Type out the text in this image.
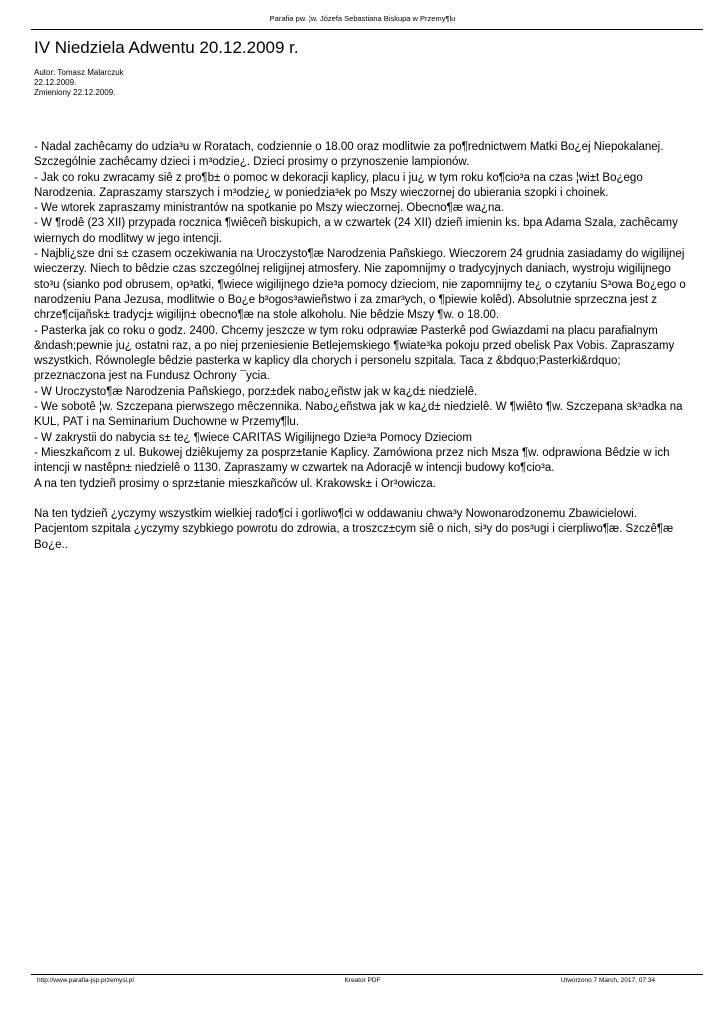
Parafia pw. ¦w. Józefa Sebastiana Biskupa w Przemy¶lu
IV Niedziela Adwentu 20.12.2009 r.
Autor: Tomasz Malarczuk
22.12.2009.
Zmieniony 22.12.2009.

- Nadal zachêcamy do udzia³u w Roratach, codziennie o 18.00 oraz modlitwie za po¶rednictwem Matki Bo¿ej Niepokalanej. Szczególnie zachêcamy dzieci i m³odzie¿. Dzieci prosimy o przynoszenie lampionów.

- Jak co roku zwracamy siê z pro¶b± o pomoc w dekoracji kaplicy, placu i ju¿ w tym roku ko¶cio³a na czas ¦wi±t Bo¿ego Narodzenia. Zapraszamy starszych i m³odzie¿ w poniedzia³ek po Mszy wieczornej do ubierania szopki i choinek.

- We wtorek zapraszamy ministrantów na spotkanie po Mszy wieczornej. Obecno¶æ wa¿na.

- W ¶rodê (23 XII) przypada rocznica ¶wiêceñ biskupich, a w czwartek (24 XII) dzieñ imienin ks. bpa Adama Szala, zachêcamy wiernych do modlitwy w jego intencji.

- Najbli¿sze dni s± czasem oczekiwania na Uroczysto¶æ Narodzenia Pañskiego. Wieczorem 24 grudnia zasiadamy do wigilijnej wieczerzy. Niech to bêdzie czas szczególnej religijnej atmosfery. Nie zapomnijmy o tradycyjnych daniach, wystroju wigilijnego sto³u (sianko pod obrusem, op³atki, ¶wiece wigilijnego dzie³a pomocy dzieciom, nie zapomnijmy te¿ o czytaniu S³owa Bo¿ego o narodzeniu Pana Jezusa, modlitwie o Bo¿e b³ogos³awieñstwo i za zmar³ych, o ¶piewie kolêd). Absolutnie sprzeczna jest z chrze¶cijañsk± tradycj± wigilijn± obecno¶æ na stole alkoholu. Nie bêdzie Mszy ¶w. o 18.00.

- Pasterka jak co roku o godz. 2400. Chcemy jeszcze w tym roku odprawiæ Pasterkê pod Gwiazdami na placu parafialnym &ndash;pewnie ju¿ ostatni raz, a po niej przeniesienie Betlejemskiego ¶wiate³ka pokoju przed obelisk Pax Vobis. Zapraszamy wszystkich. Równolegle bêdzie pasterka w kaplicy dla chorych i personelu szpitala. Taca z &bdquo;Pasterki&rdquo; przeznaczona jest na Fundusz Ochrony ¯ycia.

- W Uroczysto¶æ Narodzenia Pañskiego, porz±dek nabo¿eñstw jak w ka¿d± niedzielê.

- We sobotê ¦w. Szczepana pierwszego mêczennika. Nabo¿eñstwa jak w ka¿d± niedzielê. W ¶wiêto ¶w. Szczepana sk³adka na KUL, PAT i na Seminarium Duchowne w Przemy¶lu.

- W zakrystii do nabycia s± te¿ ¶wiece CARITAS Wigilijnego Dzie³a Pomocy Dzieciom

- Mieszkañcom z ul. Bukowej dziêkujemy za posprz±tanie Kaplicy. Zamówiona przez nich Msza ¶w. odprawiona Bêdzie w ich intencji w nastêpn± niedzielê o 1130. Zapraszamy w czwartek na Adoracjê w intencji budowy ko¶cio³a.

A na ten tydzieñ prosimy o sprz±tanie mieszkañców ul. Krakowsk± i Or³owicza.

Na ten tydzieñ ¿yczymy wszystkim wielkiej rado¶ci i gorliwo¶ci w oddawaniu chwa³y Nowonarodzonemu Zbawicielowi. Pacjentom szpitala ¿yczymy szybkiego powrotu do zdrowia, a troszcz±cym siê o nich, si³y do pos³ugi i cierpliwo¶æ. Szczê¶æ Bo¿e..

http://www.parafia-jsp.przemysl.pl	Kreator PDF	Utworzono 7 March, 2017, 07:34
